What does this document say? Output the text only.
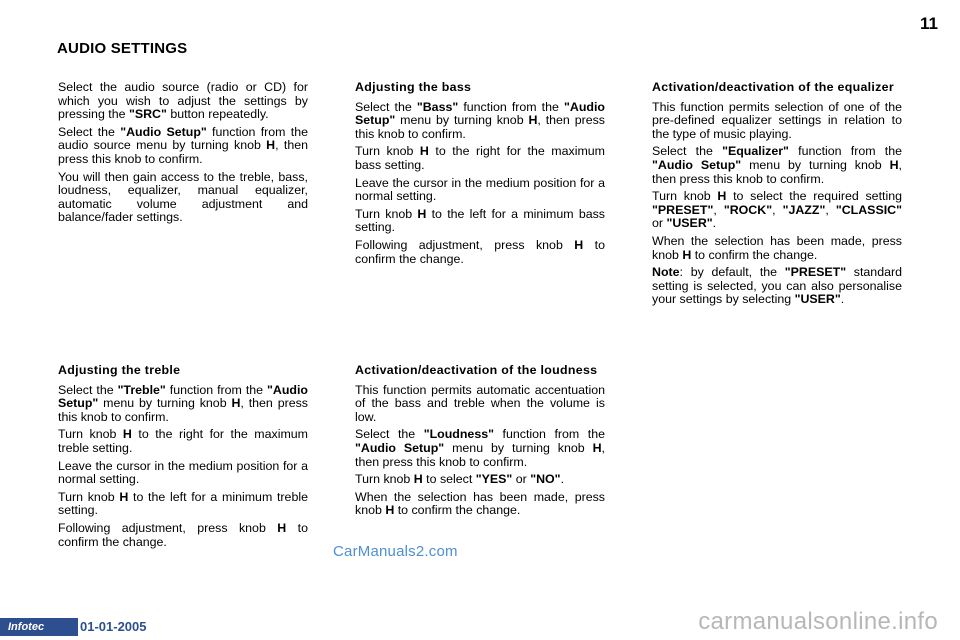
11
AUDIO SETTINGS

Select the audio source (radio or CD) for which you wish to adjust the settings by pressing the "SRC" button repeatedly.

Select the "Audio Setup" function from the audio source menu by turning knob H, then press this knob to confirm.

You will then gain access to the treble, bass, loudness, equalizer, manual equalizer, automatic volume adjustment and balance/fader settings.

Adjusting the bass

Select the "Bass" function from the "Audio Setup" menu by turning knob H, then press this knob to confirm.

Turn knob H to the right for the maximum bass setting.

Leave the cursor in the medium position for a normal setting.

Turn knob H to the left for a minimum bass setting.

Following adjustment, press knob H to confirm the change.

Activation/deactivation of the equalizer

This function permits selection of one of the pre-defined equalizer settings in relation to the type of music playing.

Select the "Equalizer" function from the "Audio Setup" menu by turning knob H, then press this knob to confirm.

Turn knob H to select the required setting "PRESET", "ROCK", "JAZZ", "CLASSIC" or "USER".

When the selection has been made, press knob H to confirm the change.

Note: by default, the "PRESET" standard setting is selected, you can also personalise your settings by selecting "USER".

Adjusting the treble

Select the "Treble" function from the "Audio Setup" menu by turning knob H, then press this knob to confirm.

Turn knob H to the right for the maximum treble setting.

Leave the cursor in the medium position for a normal setting.

Turn knob H to the left for a minimum treble setting.

Following adjustment, press knob H to confirm the change.

Activation/deactivation of the loudness

This function permits automatic accentuation of the bass and treble when the volume is low.

Select the "Loudness" function from the "Audio Setup" menu by turning knob H, then press this knob to confirm.

Turn knob H to select "YES" or "NO".

When the selection has been made, press knob H to confirm the change.

CarManuals2.com
Infotec	01-01-2005	carmanualsonline.info
